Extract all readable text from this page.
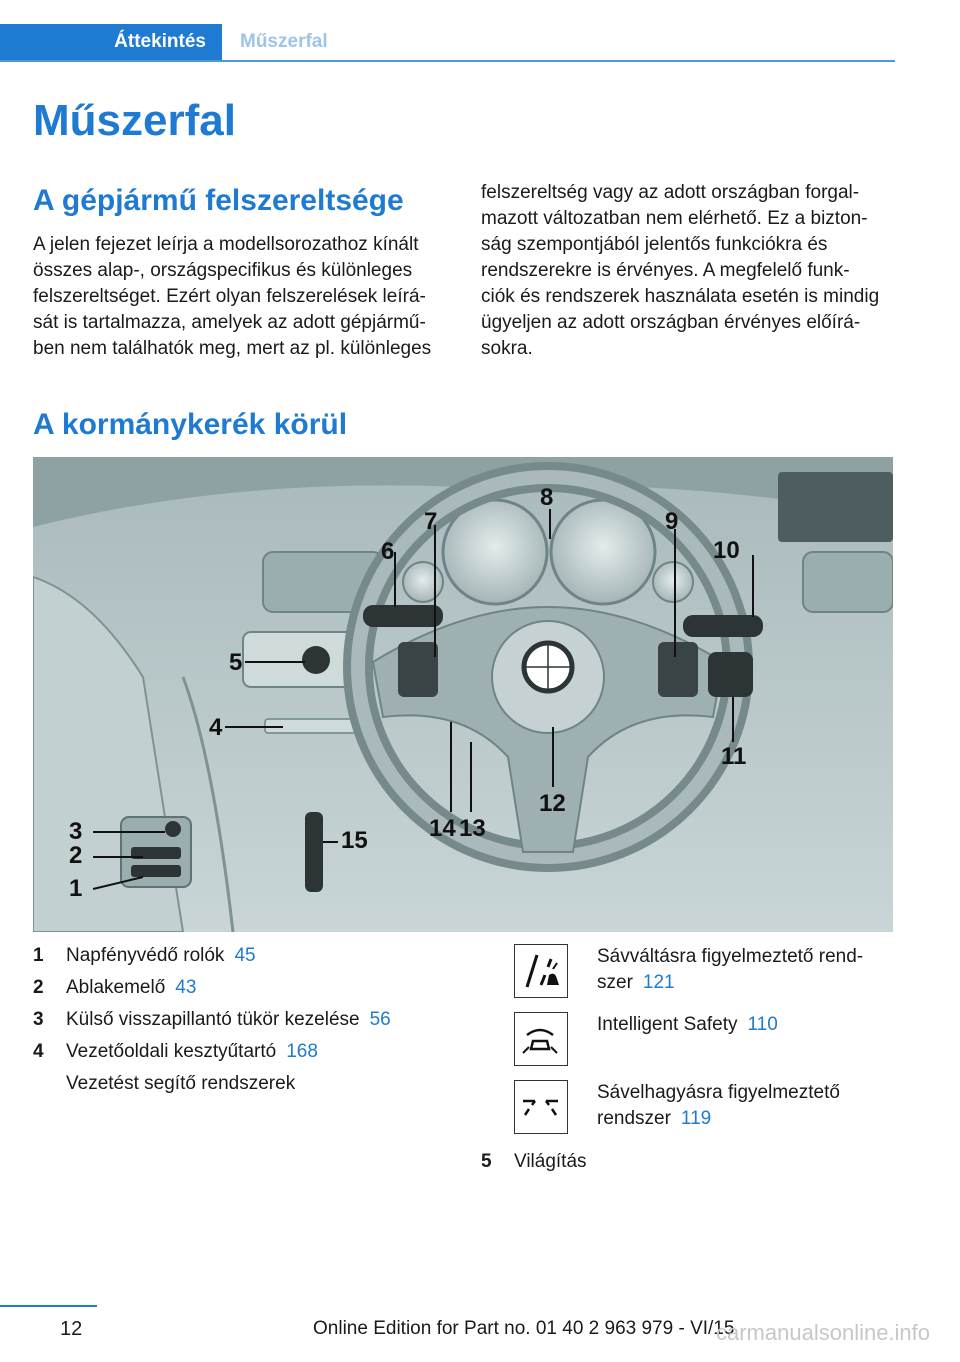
Áttekintés	Műszerfal
Műszerfal
A gépjármű felszereltsége
A jelen fejezet leírja a modellsorozathoz kínált
összes alap-, országspecifikus és különleges
felszereltséget. Ezért olyan felszerelések leírá-
sát is tartalmazza, amelyek az adott gépjármű-
ben nem találhatók meg, mert az pl. különleges
felszereltség vagy az adott országban forgal-
mazott változatban nem elérhető. Ez a bizton-
ság szempontjából jelentős funkciókra és
rendszerekre is érvényes. A megfelelő funk-
ciók és rendszerek használata esetén is mindig
ügyeljen az adott országban érvényes előírá-
sokra.
A kormánykerék körül
1
2
3
4
5
6
7
8
9
10
11
12
13
14
15
1	Napfényvédő rolók 45
2	Ablakemelő 43
3	Külső visszapillantó tükör kezelése 56
4	Vezetőoldali kesztyűtartó 168
Vezetést segítő rendszerek
Sávváltásra figyelmeztető rend-
szer 121
Intelligent Safety 110
Sávelhagyásra figyelmeztető
rendszer 119
5	Világítás
12	Online Edition for Part no. 01 40 2 963 979 - VI/15
carmanualsonline.info
